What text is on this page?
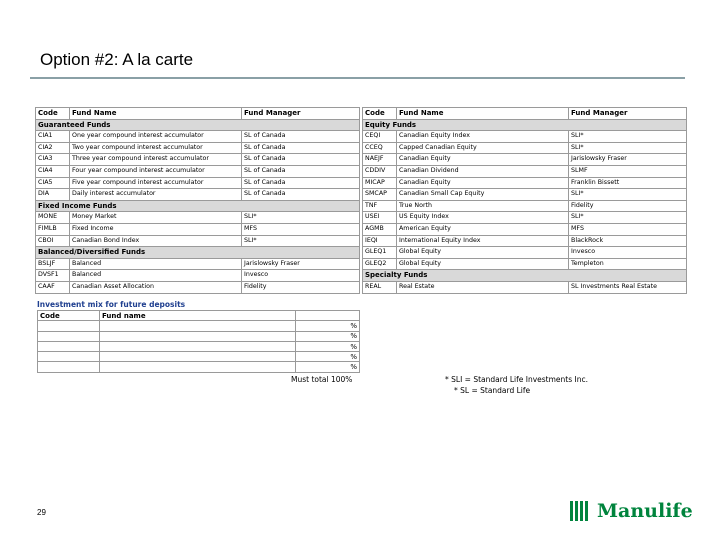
Option #2: A la carte
Code	Fund Name	Fund Manager
Guaranteed Funds		
CIA1	One year compound interest accumulator	SL of Canada
CIA2	Two year compound interest accumulator	SL of Canada
CIA3	Three year compound interest accumulator	SL of Canada
CIA4	Four year compound interest accumulator	SL of Canada
CIA5	Five year compound interest accumulator	SL of Canada
DIA	Daily interest accumulator	SL of Canada
Fixed Income Funds		
MONE	Money Market	SLI*
FIMLB	Fixed Income	MFS
CBOI	Canadian Bond Index	SLI*
Balanced/Diversified Funds		
BSLJF	Balanced	Jarislowsky Fraser
DVSF1	Balanced	Invesco
CAAF	Canadian Asset Allocation	Fidelity
Code	Fund Name	Fund Manager
Equity Funds		
CEQI	Canadian Equity Index	SLI*
CCEQ	Capped Canadian Equity	SLI*
NAEJF	Canadian Equity	Jarislowsky Fraser
CDDIV	Canadian Dividend	SLMF
MICAP	Canadian Equity	Franklin Bissett
SMCAP	Canadian Small Cap Equity	SLI*
TNF	True North	Fidelity
USEI	US Equity Index	SLI*
AGMB	American Equity	MFS
IEQI	International Equity Index	BlackRock
GLEQ1	Global Equity	Invesco
GLEQ2	Global Equity	Templeton
Specialty Funds		
REAL	Real Estate	SL Investments Real Estate
Investment mix for future deposits
Code	Fund name	
		%
		%
		%
		%
		%
Must total 100%	* SLI = Standard Life Investments Inc.
* SL = Standard Life
29	Manulife
